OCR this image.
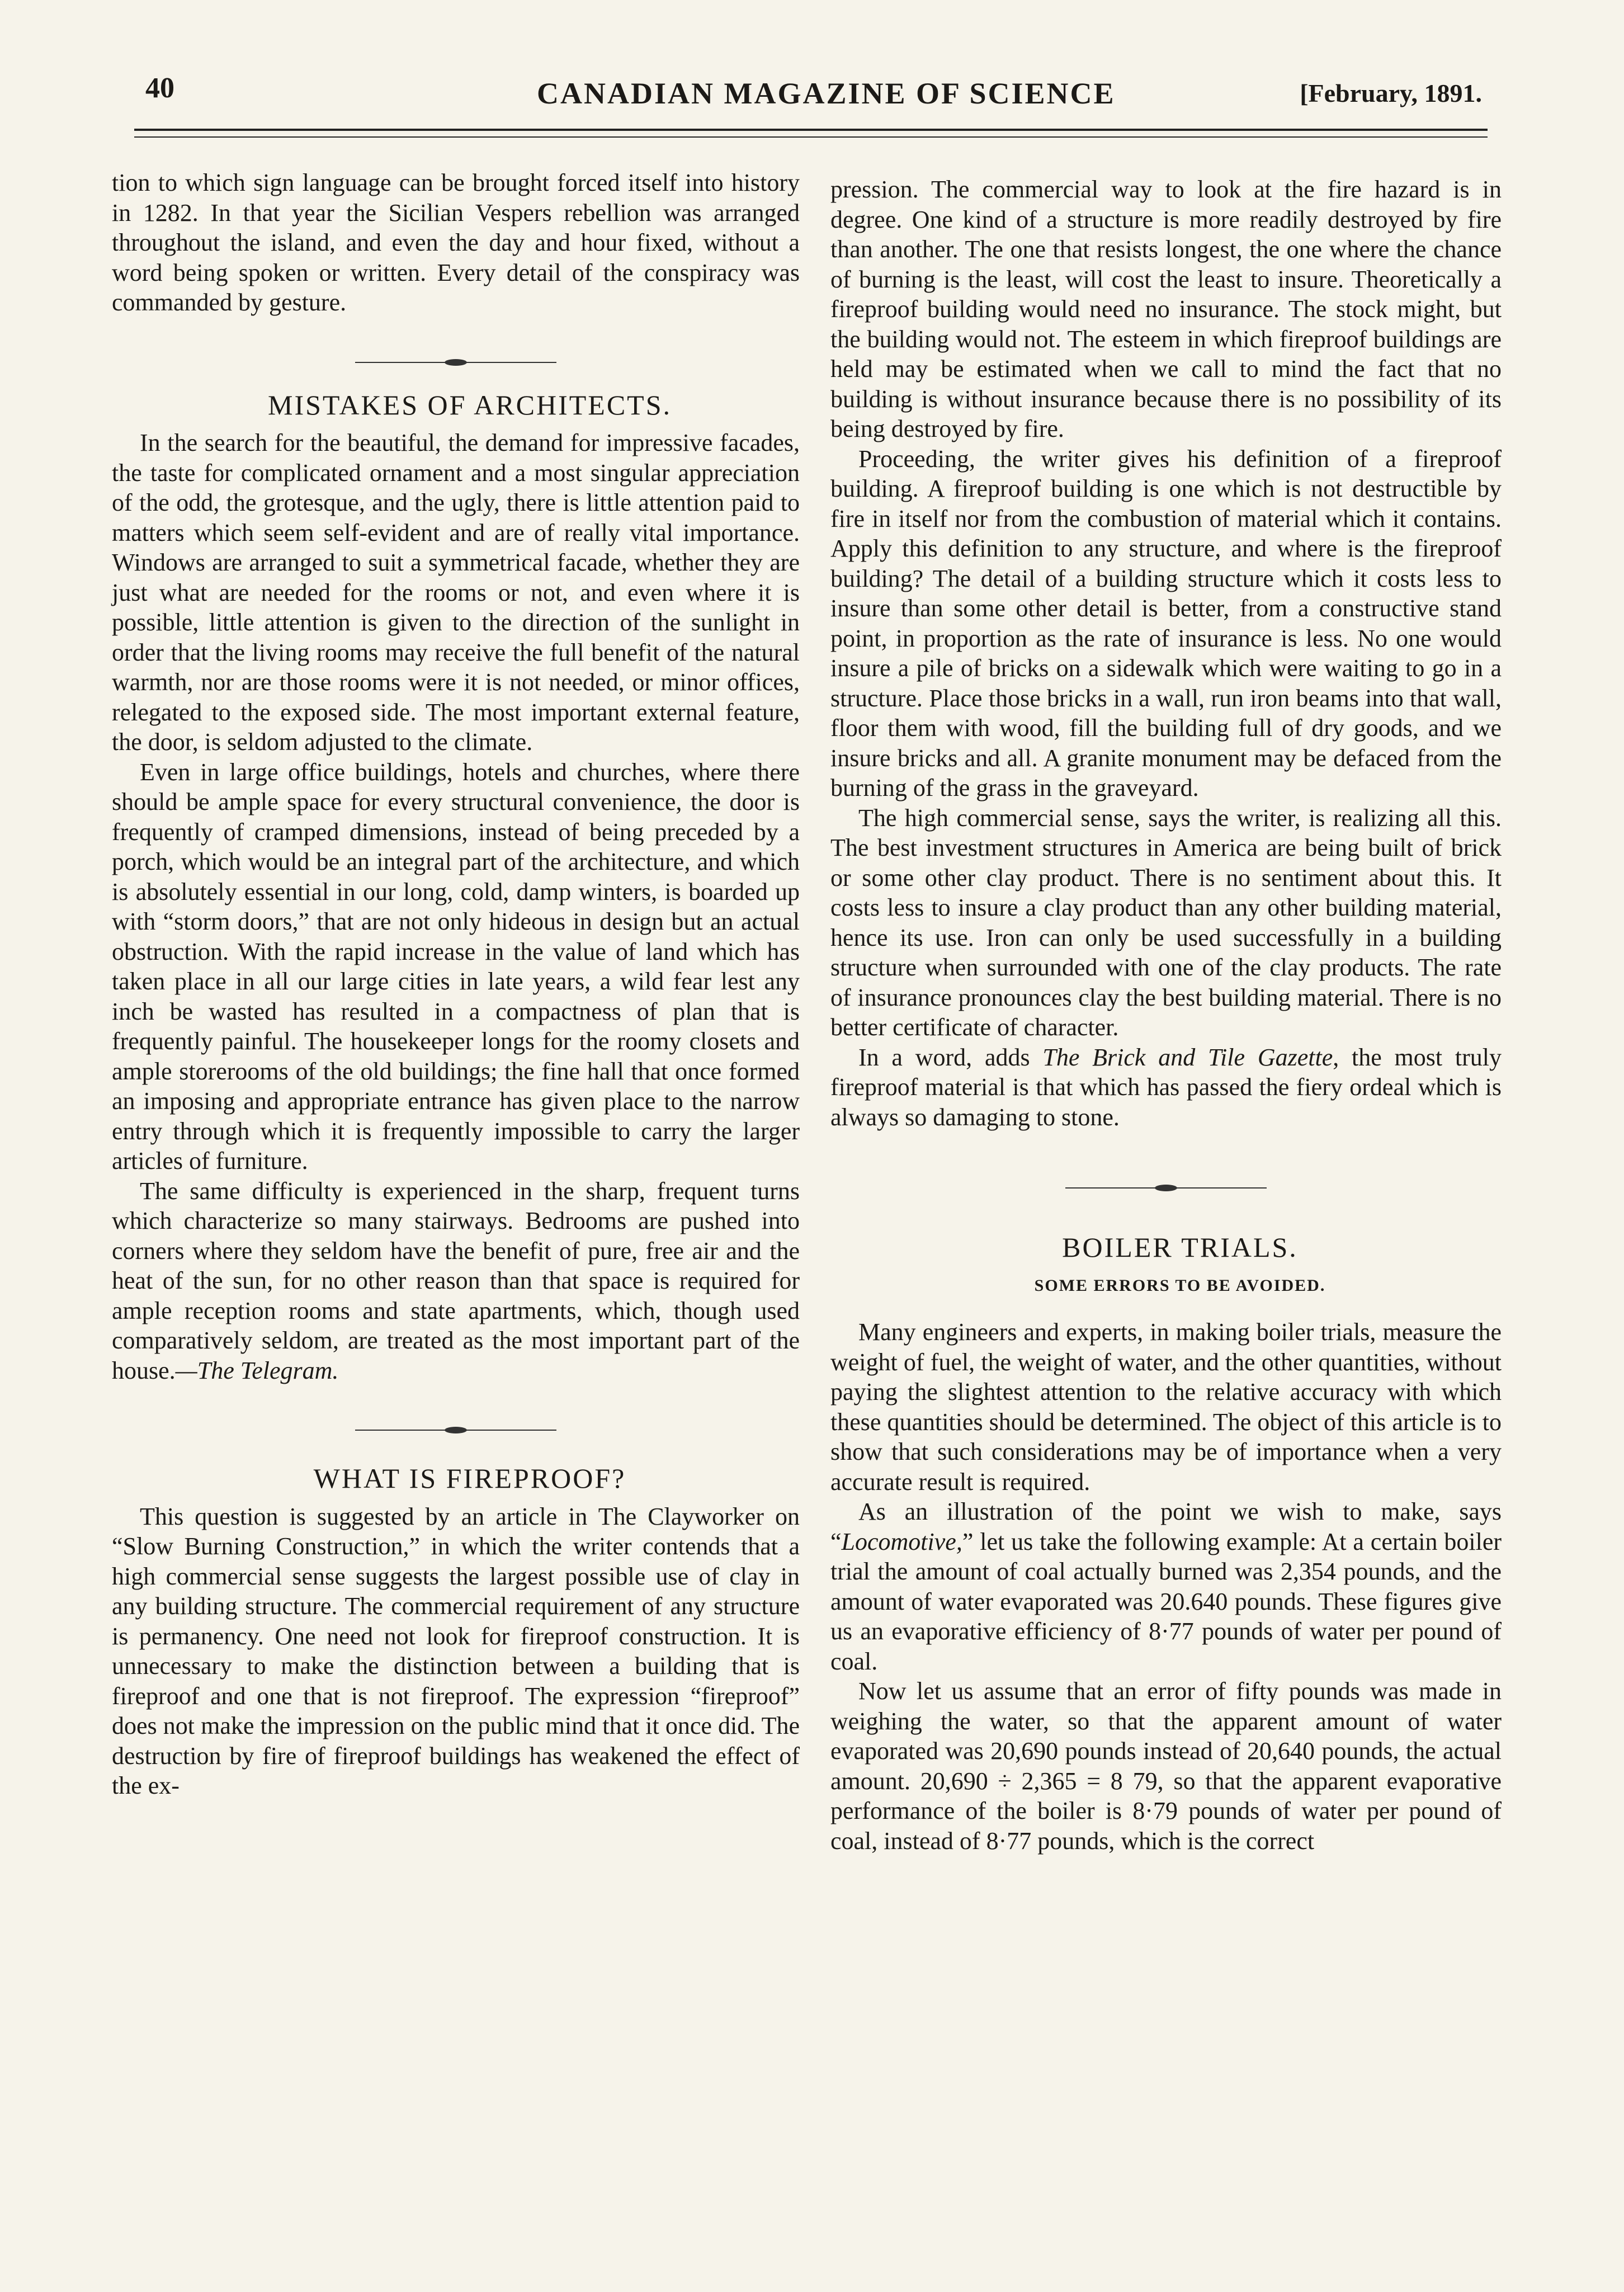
40	CANADIAN MAGAZINE OF SCIENCE	[February, 1891.

tion to which sign language can be brought forced itself into history in 1282. In that year the Sicilian Vespers rebellion was arranged throughout the island, and even the day and hour fixed, without a word being spoken or written. Every detail of the conspiracy was commanded by gesture.

MISTAKES OF ARCHITECTS.

In the search for the beautiful, the demand for impressive facades, the taste for complicated ornament and a most singular appreciation of the odd, the grotesque, and the ugly, there is little attention paid to matters which seem self-evident and are of really vital importance. Windows are arranged to suit a symmetrical facade, whether they are just what are needed for the rooms or not, and even where it is possible, little attention is given to the direction of the sunlight in order that the living rooms may receive the full benefit of the natural warmth, nor are those rooms were it is not needed, or minor offices, relegated to the exposed side. The most important external feature, the door, is seldom adjusted to the climate.

Even in large office buildings, hotels and churches, where there should be ample space for every structural convenience, the door is frequently of cramped dimensions, instead of being preceded by a porch, which would be an integral part of the architecture, and which is absolutely essential in our long, cold, damp winters, is boarded up with “storm doors,” that are not only hideous in design but an actual obstruction. With the rapid increase in the value of land which has taken place in all our large cities in late years, a wild fear lest any inch be wasted has resulted in a compactness of plan that is frequently painful. The housekeeper longs for the roomy closets and ample storerooms of the old buildings; the fine hall that once formed an imposing and appropriate entrance has given place to the narrow entry through which it is frequently impossible to carry the larger articles of furniture.

The same difficulty is experienced in the sharp, frequent turns which characterize so many stairways. Bedrooms are pushed into corners where they seldom have the benefit of pure, free air and the heat of the sun, for no other reason than that space is required for ample reception rooms and state apartments, which, though used comparatively seldom, are treated as the most important part of the house.—The Telegram.

WHAT IS FIREPROOF?

This question is suggested by an article in The Clayworker on “Slow Burning Construction,” in which the writer contends that a high commercial sense suggests the largest possible use of clay in any building structure. The commercial requirement of any structure is permanency. One need not look for fireproof construction. It is unnecessary to make the distinction between a building that is fireproof and one that is not fireproof. The expression “fireproof” does not make the impression on the public mind that it once did. The destruction by fire of fireproof buildings has weakened the effect of the ex-

pression. The commercial way to look at the fire hazard is in degree. One kind of a structure is more readily destroyed by fire than another. The one that resists longest, the one where the chance of burning is the least, will cost the least to insure. Theoretically a fireproof building would need no insurance. The stock might, but the building would not. The esteem in which fireproof buildings are held may be estimated when we call to mind the fact that no building is without insurance because there is no possibility of its being destroyed by fire.

Proceeding, the writer gives his definition of a fireproof building. A fireproof building is one which is not destructible by fire in itself nor from the combustion of material which it contains. Apply this definition to any structure, and where is the fireproof building? The detail of a building structure which it costs less to insure than some other detail is better, from a constructive stand point, in proportion as the rate of insurance is less. No one would insure a pile of bricks on a sidewalk which were waiting to go in a structure. Place those bricks in a wall, run iron beams into that wall, floor them with wood, fill the building full of dry goods, and we insure bricks and all. A granite monument may be defaced from the burning of the grass in the graveyard.

The high commercial sense, says the writer, is realizing all this. The best investment structures in America are being built of brick or some other clay product. There is no sentiment about this. It costs less to insure a clay product than any other building material, hence its use. Iron can only be used successfully in a building structure when surrounded with one of the clay products. The rate of insurance pronounces clay the best building material. There is no better certificate of character.

In a word, adds The Brick and Tile Gazette, the most truly fireproof material is that which has passed the fiery ordeal which is always so damaging to stone.

BOILER TRIALS.

SOME ERRORS TO BE AVOIDED.

Many engineers and experts, in making boiler trials, measure the weight of fuel, the weight of water, and the other quantities, without paying the slightest attention to the relative accuracy with which these quantities should be determined. The object of this article is to show that such considerations may be of importance when a very accurate result is required.

As an illustration of the point we wish to make, says “Locomotive,” let us take the following example: At a certain boiler trial the amount of coal actually burned was 2,354 pounds, and the amount of water evaporated was 20.640 pounds. These figures give us an evaporative efficiency of 8·77 pounds of water per pound of coal.

Now let us assume that an error of fifty pounds was made in weighing the water, so that the apparent amount of water evaporated was 20,690 pounds instead of 20,640 pounds, the actual amount. 20,690 ÷ 2,365 = 8 79, so that the apparent evaporative performance of the boiler is 8·79 pounds of water per pound of coal, instead of 8·77 pounds, which is the correct
